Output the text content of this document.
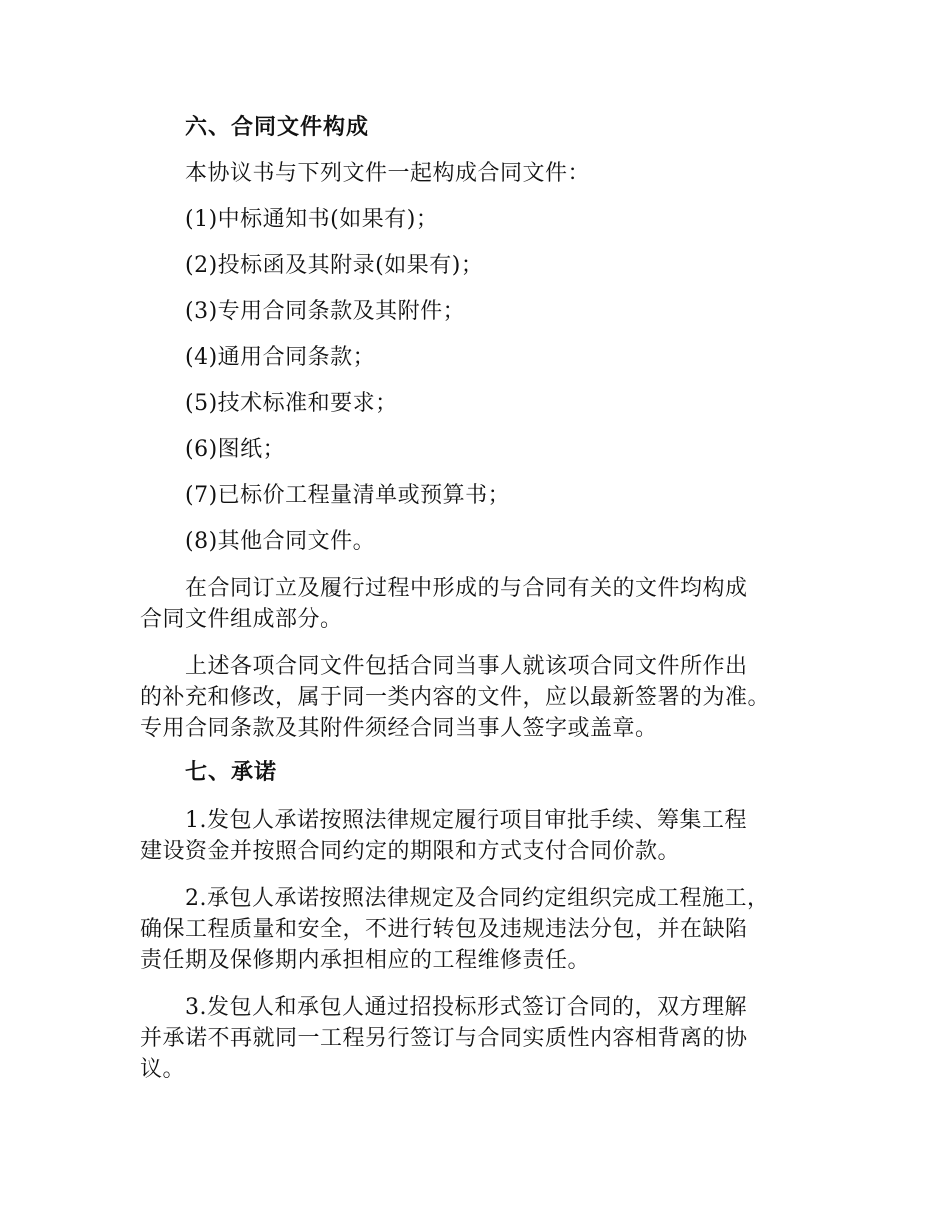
六、合同文件构成

本协议书与下列文件一起构成合同文件：

(1)中标通知书(如果有)；

(2)投标函及其附录(如果有)；

(3)专用合同条款及其附件；

(4)通用合同条款；

(5)技术标准和要求；

(6)图纸；

(7)已标价工程量清单或预算书；

(8)其他合同文件。

在合同订立及履行过程中形成的与合同有关的文件均构成

合同文件组成部分。

上述各项合同文件包括合同当事人就该项合同文件所作出

的补充和修改，属于同一类内容的文件，应以最新签署的为准。

专用合同条款及其附件须经合同当事人签字或盖章。

七、承诺

1.发包人承诺按照法律规定履行项目审批手续、筹集工程

建设资金并按照合同约定的期限和方式支付合同价款。

2.承包人承诺按照法律规定及合同约定组织完成工程施工，

确保工程质量和安全，不进行转包及违规违法分包，并在缺陷

责任期及保修期内承担相应的工程维修责任。

3.发包人和承包人通过招投标形式签订合同的，双方理解

并承诺不再就同一工程另行签订与合同实质性内容相背离的协

议。
